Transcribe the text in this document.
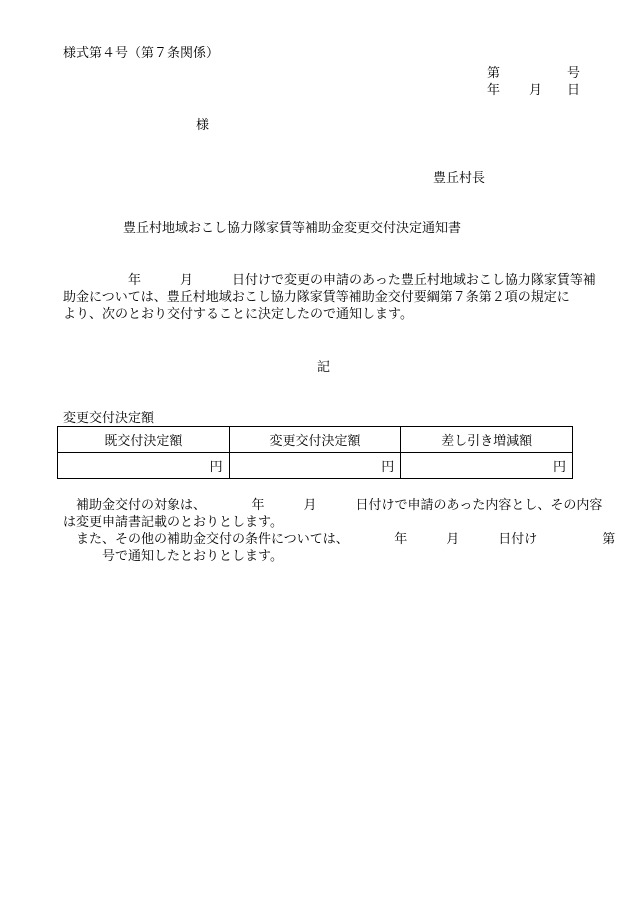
様式第４号（第７条関係）
第	号
年 月 日
様
豊丘村長
豊丘村地域おこし協力隊家賃等補助金変更交付決定通知書
　　　　　年　　　月　　　日付けで変更の申請のあった豊丘村地域おこし協力隊家賃等補
助金については、豊丘村地域おこし協力隊家賃等補助金交付要綱第７条第２項の規定に
より、次のとおり交付することに決定したので通知します。
記
変更交付決定額
既交付決定額	変更交付決定額	差し引き増減額
円	円	円
　補助金交付の対象は、　　　　年　　　月　　　日付けで申請のあった内容とし、その内容
は変更申請書記載のとおりとします。
　また、その他の補助金交付の条件については、　　　　年　　　月　　　日付け　　　　　第
　　　号で通知したとおりとします。
